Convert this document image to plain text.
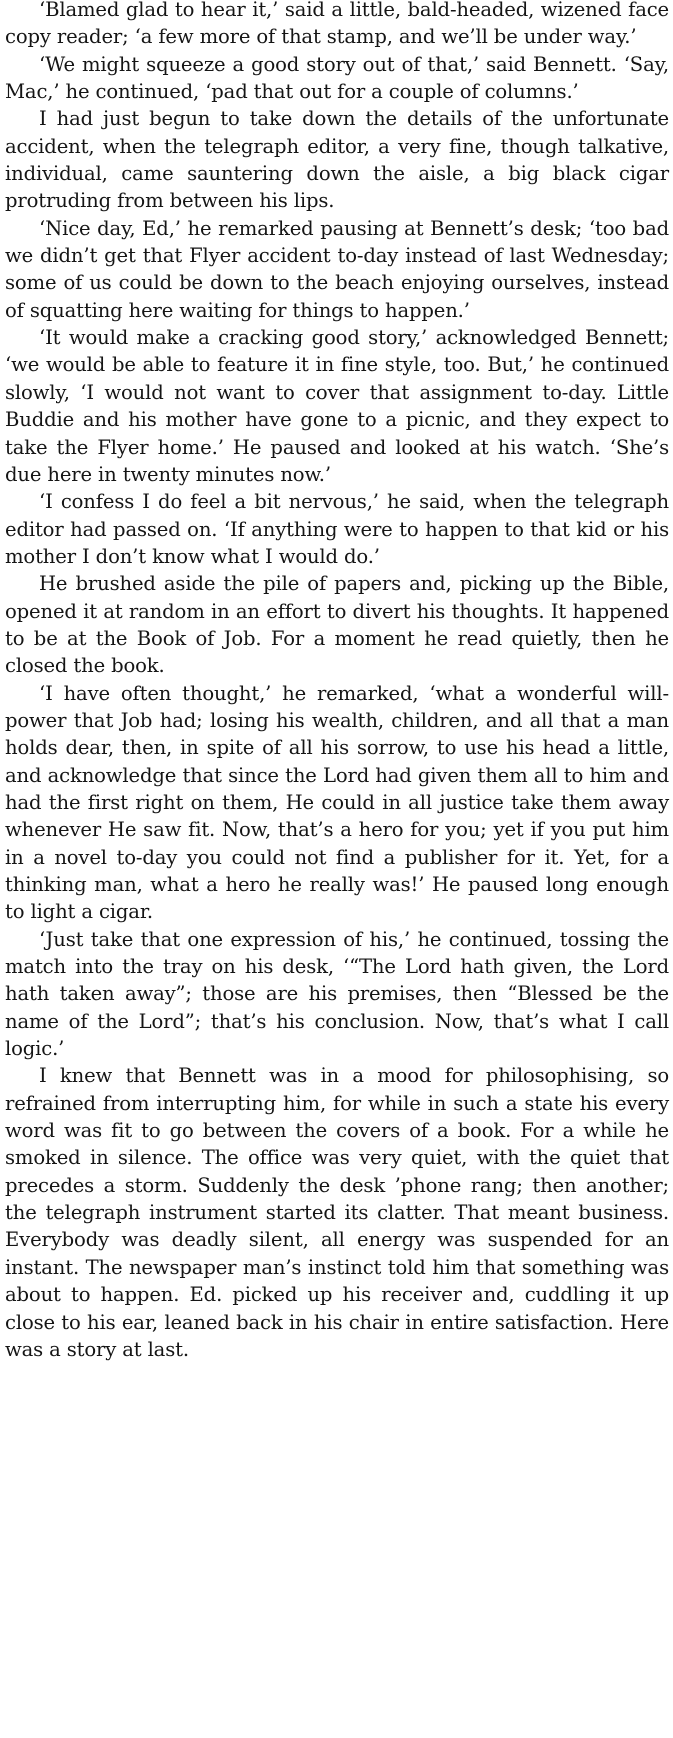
‘Blamed glad to hear it,’ said a little, bald-headed, wizened face copy reader; ‘a few more of that stamp, and we’ll be under way.’

‘We might squeeze a good story out of that,’ said Bennett. ‘Say, Mac,’ he continued, ‘pad that out for a couple of columns.’

I had just begun to take down the details of the unfortunate accident, when the telegraph editor, a very fine, though talkative, individual, came sauntering down the aisle, a big black cigar protruding from between his lips.

‘Nice day, Ed,’ he remarked pausing at Bennett’s desk; ‘too bad we didn’t get that Flyer accident to-day instead of last Wednesday; some of us could be down to the beach enjoying ourselves, instead of squatting here waiting for things to happen.’

‘It would make a cracking good story,’ acknowledged Bennett; ‘we would be able to feature it in fine style, too. But,’ he continued slowly, ‘I would not want to cover that assignment to-day. Little Buddie and his mother have gone to a picnic, and they expect to take the Flyer home.’ He paused and looked at his watch. ‘She’s due here in twenty minutes now.’

‘I confess I do feel a bit nervous,’ he said, when the telegraph editor had passed on. ‘If anything were to happen to that kid or his mother I don’t know what I would do.’

He brushed aside the pile of papers and, picking up the Bible, opened it at random in an effort to divert his thoughts. It happened to be at the Book of Job. For a moment he read quietly, then he closed the book.

‘I have often thought,’ he remarked, ‘what a wonderful will-power that Job had; losing his wealth, children, and all that a man holds dear, then, in spite of all his sorrow, to use his head a little, and acknowledge that since the Lord had given them all to him and had the first right on them, He could in all justice take them away whenever He saw fit. Now, that’s a hero for you; yet if you put him in a novel to-day you could not find a publisher for it. Yet, for a thinking man, what a hero he really was!’ He paused long enough to light a cigar.

‘Just take that one expression of his,’ he continued, tossing the match into the tray on his desk, ‘“The Lord hath given, the Lord hath taken away”; those are his premises, then “Blessed be the name of the Lord”; that’s his conclusion. Now, that’s what I call logic.’

I knew that Bennett was in a mood for philosophising, so refrained from interrupting him, for while in such a state his every word was fit to go between the covers of a book. For a while he smoked in silence. The office was very quiet, with the quiet that precedes a storm. Suddenly the desk ’phone rang; then another; the telegraph instrument started its clatter. That meant business. Everybody was deadly silent, all energy was suspended for an instant. The newspaper man’s instinct told him that something was about to happen. Ed. picked up his receiver and, cuddling it up close to his ear, leaned back in his chair in entire satisfaction. Here was a story at last.
